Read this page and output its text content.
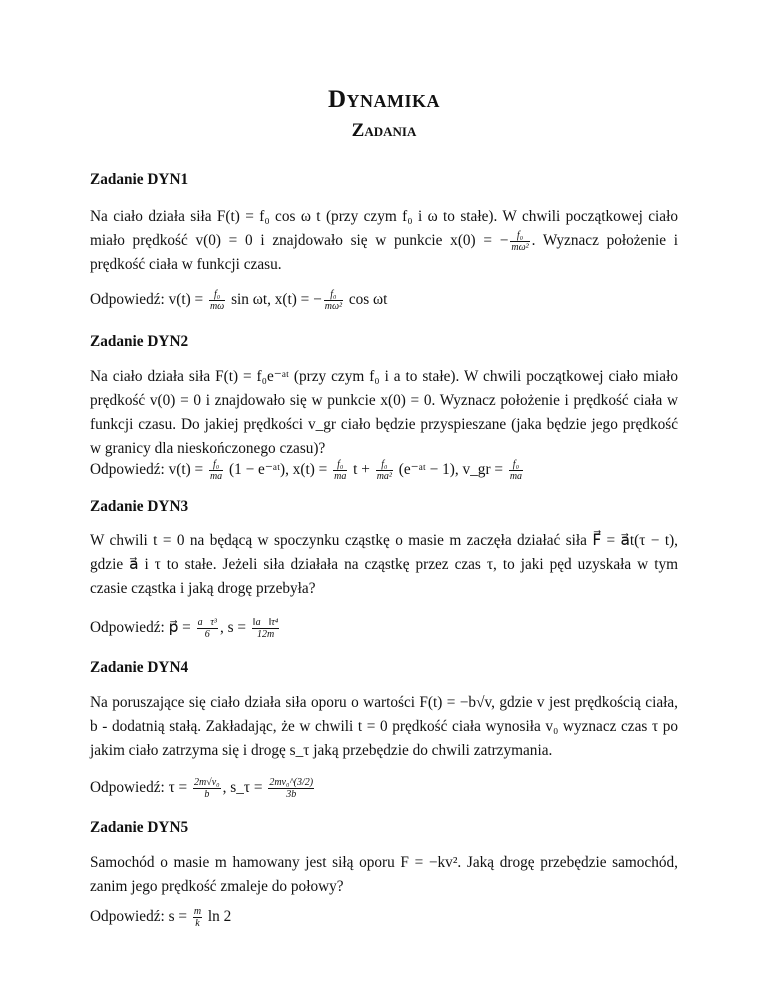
Dynamika
Zadania
Zadanie DYN1
Na ciało działa siła F(t) = f₀ cos ω t (przy czym f₀ i ω to stałe). W chwili początkowej ciało miało prędkość v(0) = 0 i znajdowało się w punkcie x(0) = − $\frac{\text{f₀}}{\text{mω²}}$ . Wyznacz położenie i prędkość ciała w funkcji czasu.
Odpowiedź: $v(t) = \frac{\text{f₀}}{m\omega}$ sin ωt, x(t) = − $\frac{\text{f₀}}{\text{mω²}}$ cos ωt
Zadanie DYN2
Na ciało działa siła F(t) = f₀e⁻ᵃᵗ (przy czym f₀ i a to stałe). W chwili początkowej ciało miało prędkość v(0) = 0 i znajdowało się w punkcie x(0) = 0. Wyznacz położenie i prędkość ciała w funkcji czasu. Do jakiej prędkości v_gr ciało będzie przyspieszane (jaka będzie jego prędkość w granicy dla nieskończonego czasu)?
Odpowiedź: $v(t) = \frac{\text{f₀}}{ma} (1$ − e⁻ᵃᵗ), $x(t) = \frac{\text{f₀}}{ma}$ $t + \frac{\text{f₀}}{\text{ma²}}$ (e⁻ᵃᵗ − 1), v_gr = $\frac{\text{f₀}}{ma}$
Zadanie DYN3
W chwili t = 0 na będącą w spoczynku cząstkę o masie m zaczęła działać siła F⃗ = a⃗t(τ − t), gdzie a⃗ i τ to stałe. Jeżeli siła działała na cząstkę przez czas τ, to jaki pęd uzyskała w tym czasie cząstka i jaką drogę przebyła?
Odpowiedź: p⃗ = $\frac{\text{a⃗τ³}}{6}$ , $s = \frac{\text{‖a⃗‖τ⁴}}{12m}$
Zadanie DYN4
Na poruszające się ciało działa siła oporu o wartości F(t) = −b√v, gdzie v jest prędkością ciała, b - dodatnią stałą. Zakładając, że w chwili t = 0 prędkość ciała wynosiła v₀ wyznacz czas τ po jakim ciało zatrzyma się i drogę s_τ jaką przebędzie do chwili zatrzymania.
Odpowiedź: $\tau = \frac{\text{2m√v₀}}{b}$ , s_τ = $\frac{\text{2mv₀\textasciicircum{}(3/2)}}{3b}$
Zadanie DYN5
Samochód o masie m hamowany jest siłą oporu F = −kv². Jaką drogę przebędzie samochód, zanim jego prędkość zmaleje do połowy?
Odpowiedź: $s = \frac{m}{k}$ ln 2
